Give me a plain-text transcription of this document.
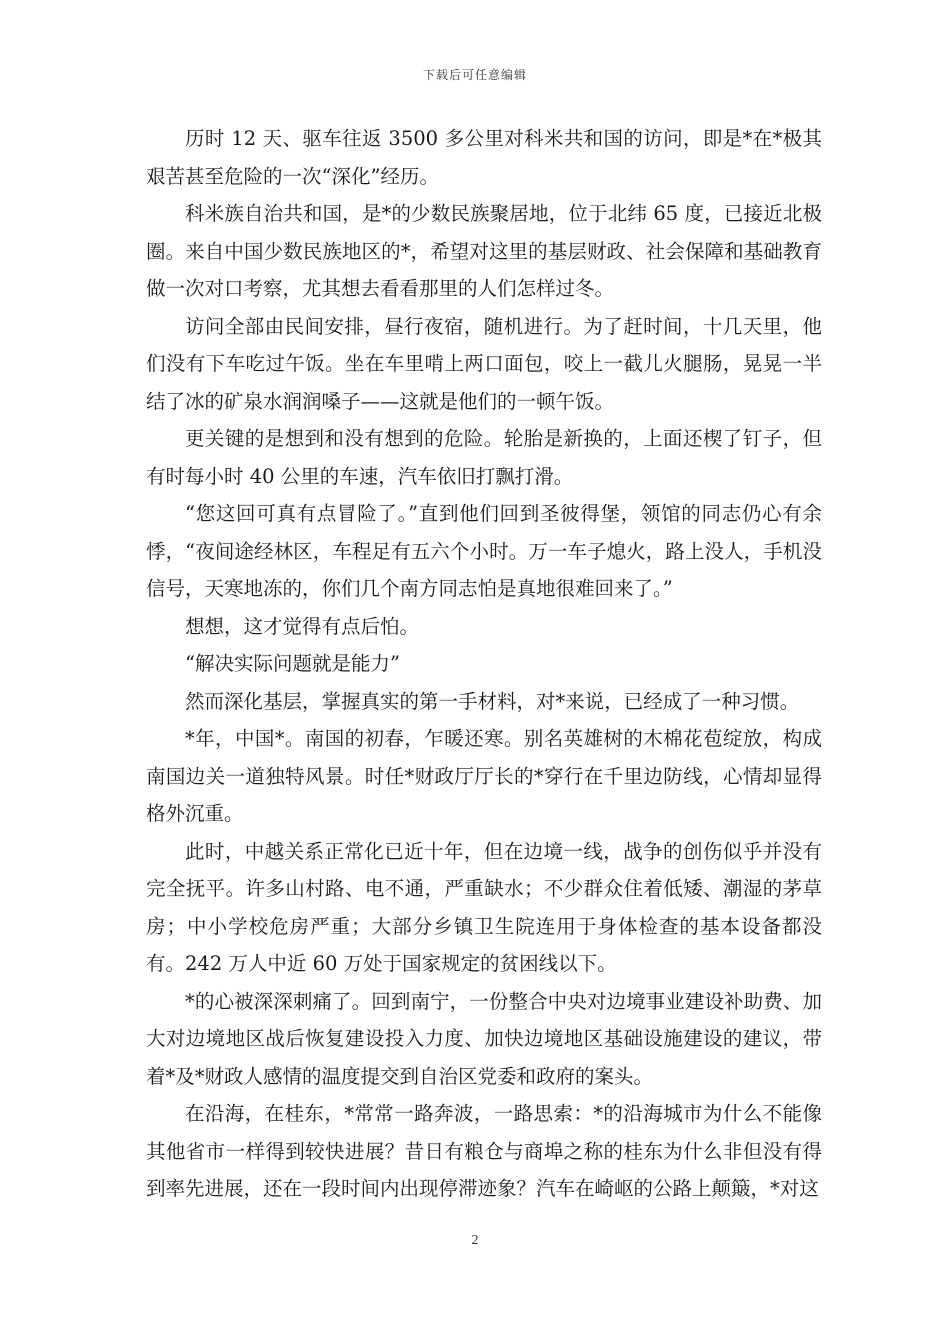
下载后可任意编辑

历时 12 天、驱车往返 3500 多公里对科米共和国的访问，即是*在*极其艰苦甚至危险的一次“深化”经历。

科米族自治共和国，是*的少数民族聚居地，位于北纬 65 度，已接近北极圈。来自中国少数民族地区的*，希望对这里的基层财政、社会保障和基础教育做一次对口考察，尤其想去看看那里的人们怎样过冬。

访问全部由民间安排，昼行夜宿，随机进行。为了赶时间，十几天里，他们没有下车吃过午饭。坐在车里啃上两口面包，咬上一截儿火腿肠，晃晃一半结了冰的矿泉水润润嗓子——这就是他们的一顿午饭。

更关键的是想到和没有想到的危险。轮胎是新换的，上面还楔了钉子，但有时每小时 40 公里的车速，汽车依旧打飘打滑。

“您这回可真有点冒险了。”直到他们回到圣彼得堡，领馆的同志仍心有余悸，“夜间途经林区，车程足有五六个小时。万一车子熄火，路上没人，手机没信号，天寒地冻的，你们几个南方同志怕是真地很难回来了。”

想想，这才觉得有点后怕。

“解决实际问题就是能力”

然而深化基层，掌握真实的第一手材料，对*来说，已经成了一种习惯。

*年，中国*。南国的初春，乍暖还寒。别名英雄树的木棉花苞绽放，构成南国边关一道独特风景。时任*财政厅厅长的*穿行在千里边防线，心情却显得格外沉重。

此时，中越关系正常化已近十年，但在边境一线，战争的创伤似乎并没有完全抚平。许多山村路、电不通，严重缺水；不少群众住着低矮、潮湿的茅草房；中小学校危房严重；大部分乡镇卫生院连用于身体检查的基本设备都没有。242 万人中近 60 万处于国家规定的贫困线以下。

*的心被深深刺痛了。回到南宁，一份整合中央对边境事业建设补助费、加大对边境地区战后恢复建设投入力度、加快边境地区基础设施建设的建议，带着*及*财政人感情的温度提交到自治区党委和政府的案头。

在沿海，在桂东，*常常一路奔波，一路思索：*的沿海城市为什么不能像其他省市一样得到较快进展？昔日有粮仓与商埠之称的桂东为什么非但没有得到率先进展，还在一段时间内出现停滞迹象？汽车在崎岖的公路上颠簸，*对这

2
